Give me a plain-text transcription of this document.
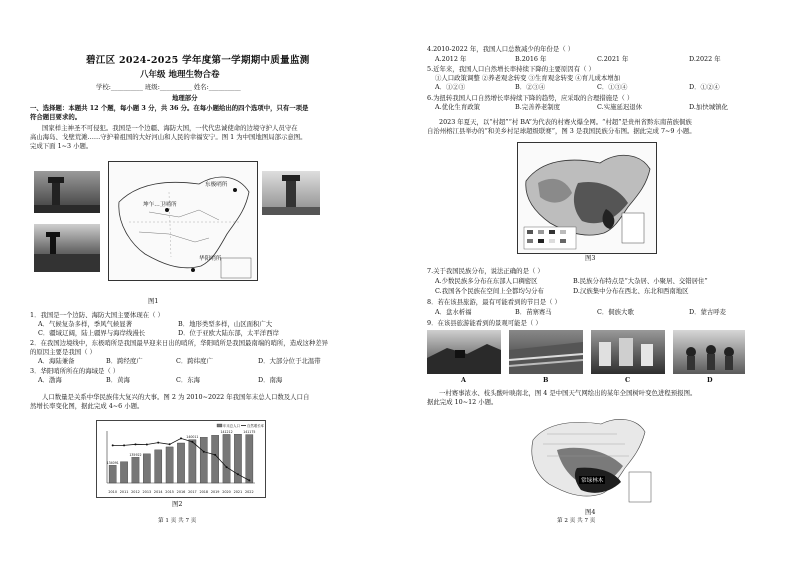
碧江区 2024-2025 学年度第一学期期中质量监测
八年级 地理生物合卷
学校:__________ 班级:__________ 姓名:__________
地理部分
一、选择题：本题共 12 个题，每小题 3 分，共 36 分。在每小题给出的四个选项中，只有一项是
符合题目要求的。
国家样主神圣不可侵犯。我国是一个边疆、海防大国，一代代忠诚使命的边境守护人员守在
高山海岛、戈壁荒滩……守护着祖国的大好河山和人民的幸福安宁。图 1 为中国地图局部示意图。
完成下面 1~3 小题。
东极哨所
坤乍…卫哨所
华阳哨所
图1
1．我国是一个边防、海防大国主要体现在（ ）
A．气候复杂多样，季风气候显著	B．地形类型多样，山区面积广大
C．疆域辽阔，陆上疆界与海岸线漫长	D．位于亚欧大陆东部，太平洋西岸
2．在我国边境线中，东极哨所是我国最早迎来日出的哨所，华阳哨所是我国最南端的哨所，造成这种差异
的原因主要是我国（ ）
A．海陆兼备	B．跨经度广	C．跨纬度广	D．大部分位于北温带
3．华阳哨所所在的海域是（ ）
A．渤海	B．黄海	C．东海	D．南海
人口数量是关系中华民族伟大复兴的大事。图 2 为 2010~2022 年我国年末总人口数及人口自
然增长率变化图，据此完成 4~6 小题。
2010 2011 2012 2013 2014 2015 2016 2017 2018 2019 2020 2021 2022
134091
135922
140011
141212	141175
年末总人口 自然增长率
图2
第 1 页 共 7 页
4.2010-2022 年，我国人口总数减少的年份是（ ）
A.2012 年	B.2016 年	C.2021 年	D.2022 年
5.近年来，我国人口自然增长率持续下降的主要原因有（ ）
①人口政策调整 ②养老观念转变 ③生育观念转变 ④育儿成本增加
A．①②③	B．②③④	C．①③④	D．①②④
6.为扭转我国人口自然增长率持续下降的趋势，应采取的合理措施是（ ）
A.优化生育政策	B.完善养老制度	C.实施延迟退休	D.加快城镇化
2023 年夏天，以“村超”“村 BA”为代表的村赛火爆全网。“村超”是贵州省黔东南苗族侗族
自治州榕江县举办的“和美乡村足球超级联赛”，图 3 是我国民族分布图。据此完成 7~9 小题。
图3
7.关于我国民族分布，说法正确的是（ ）
A.少数民族多分布在东部人口稠密区	B.民族分布特点是“大杂居、小聚居、交错居住”
C.我国各个民族在空间上全都均匀分布	D.汉族集中分布在西北、东北和西南地区
8．若在该县旅游，最有可能看到的节目是（ ）
A．盘水析福	B．苗寨赛马	C．侗族大歌	D．蒙古呼麦
9．在该县旅游能看到的景观可能是（ ）
A	B	C	D
一村赛事浓水、枝头酸叶映南北，图 4 是中国天气网绘出的某年全国树叶变色进程预报图。
据此完成 10~12 小题。
常绿林木
图4
第 2 页 共 7 页
